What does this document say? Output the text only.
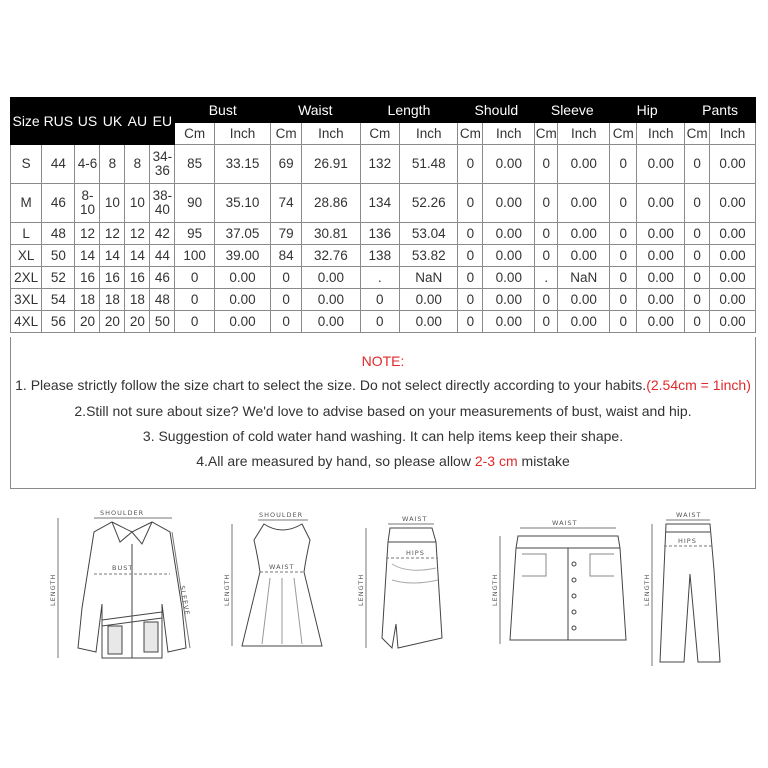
Size	RUS	US	UK	AU	EU	Bust		Waist		Length		Should		Sleeve		Hip		Pants	
						Cm	Inch	Cm	Inch	Cm	Inch	Cm	Inch	Cm	Inch	Cm	Inch	Cm	Inch
S	44	4-6	8	8	34-36	85	33.15	69	26.91	132	51.48	0	0.00	0	0.00	0	0.00	0	0.00
M	46	8-10	10	10	38-40	90	35.10	74	28.86	134	52.26	0	0.00	0	0.00	0	0.00	0	0.00
L	48	12	12	12	42	95	37.05	79	30.81	136	53.04	0	0.00	0	0.00	0	0.00	0	0.00
XL	50	14	14	14	44	100	39.00	84	32.76	138	53.82	0	0.00	0	0.00	0	0.00	0	0.00
2XL	52	16	16	16	46	0	0.00	0	0.00	.	NaN	0	0.00	.	NaN	0	0.00	0	0.00
3XL	54	18	18	18	48	0	0.00	0	0.00	0	0.00	0	0.00	0	0.00	0	0.00	0	0.00
4XL	56	20	20	20	50	0	0.00	0	0.00	0	0.00	0	0.00	0	0.00	0	0.00	0	0.00
NOTE:
1. Please strictly follow the size chart to select the size. Do not select directly according to your habits.(2.54cm = 1inch)
2.Still not sure about size? We'd love to advise based on your measurements of bust, waist and hip.
3. Suggestion of cold water hand washing. It can help items keep their shape.
4.All are measured by hand, so please allow 2-3 cm mistake
SHOULDER
LENGTH
BUST
SLEEVE
SHOULDER
LENGTH
WAIST
WAIST
LENGTH
HIPS
WAIST
LENGTH
WAIST
LENGTH
HIPS
